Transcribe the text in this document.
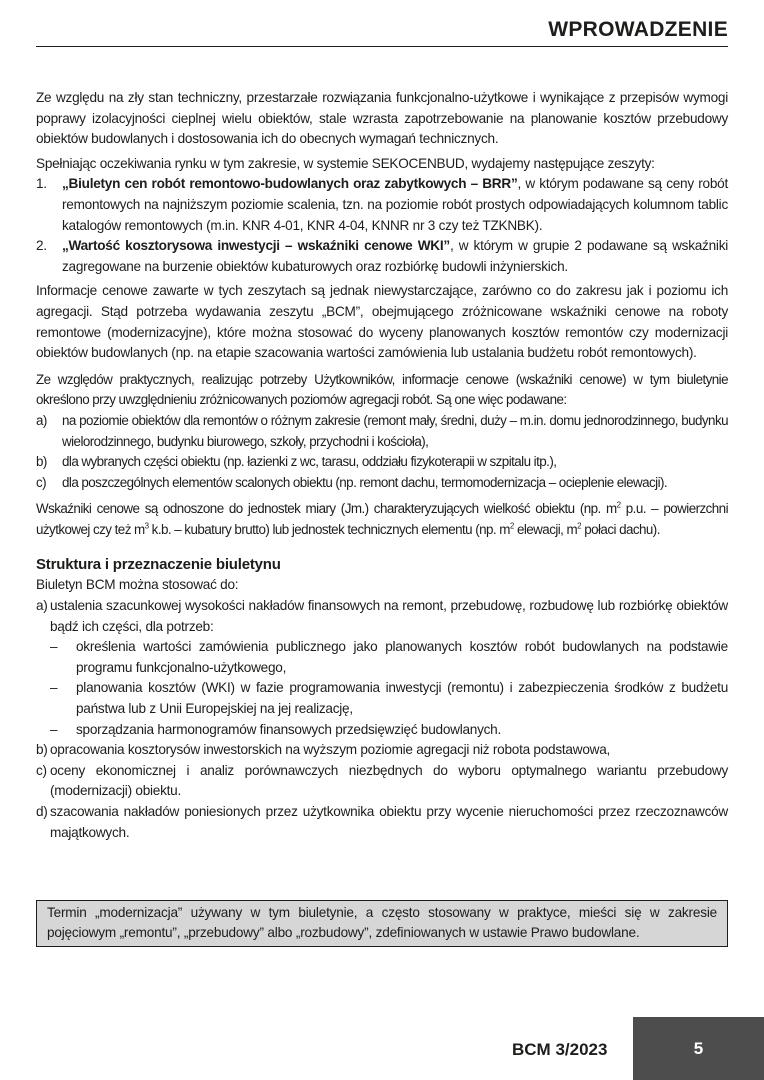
WPROWADZENIE

Ze względu na zły stan techniczny, przestarzałe rozwiązania funkcjonalno-użytkowe i wynikające z przepisów wymogi poprawy izolacyjności cieplnej wielu obiektów, stale wzrasta zapotrzebowanie na planowanie kosztów przebudowy obiektów budowlanych i dostosowania ich do obecnych wymagań technicznych.

Spełniając oczekiwania rynku w tym zakresie, w systemie SEKOCENBUD, wydajemy następujące zeszyty:

1. „Biuletyn cen robót remontowo-budowlanych oraz zabytkowych – BRR”, w którym podawane są ceny robót remontowych na najniższym poziomie scalenia, tzn. na poziomie robót prostych odpowiadających kolumnom tablic katalogów remontowych (m.in. KNR 4-01, KNR 4-04, KNNR nr 3 czy też TZKNBK).
2. „Wartość kosztorysowa inwestycji – wskaźniki cenowe WKI”, w którym w grupie 2 podawane są wskaźniki zagregowane na burzenie obiektów kubaturowych oraz rozbiórkę budowli inżynierskich.

Informacje cenowe zawarte w tych zeszytach są jednak niewystarczające, zarówno co do zakresu jak i poziomu ich agregacji. Stąd potrzeba wydawania zeszytu „BCM”, obejmującego zróżnicowane wskaźniki cenowe na roboty remontowe (modernizacyjne), które można stosować do wyceny planowanych kosztów remontów czy modernizacji obiektów budowlanych (np. na etapie szacowania wartości zamówienia lub ustalania budżetu robót remontowych).

Ze względów praktycznych, realizując potrzeby Użytkowników, informacje cenowe (wskaźniki cenowe) w tym biuletynie określono przy uwzględnieniu zróżnicowanych poziomów agregacji robót. Są one więc podawane:

a) na poziomie obiektów dla remontów o różnym zakresie (remont mały, średni, duży – m.in. domu jednorodzinnego, budynku wielorodzinnego, budynku biurowego, szkoły, przychodni i kościoła),
b) dla wybranych części obiektu (np. łazienki z wc, tarasu, oddziału fizykoterapii w szpitalu itp.),
c) dla poszczególnych elementów scalonych obiektu (np. remont dachu, termomodernizacja – ocieplenie elewacji).

Wskaźniki cenowe są odnoszone do jednostek miary (Jm.) charakteryzujących wielkość obiektu (np. $m^2$ p.u. – powierzchni użytkowej czy też $m^3$ k.b. – kubatury brutto) lub jednostek technicznych elementu (np. $m^2$ elewacji, $m^2$ połaci dachu).

Struktura i przeznaczenie biuletynu

Biuletyn BCM można stosować do:

a) ustalenia szacunkowej wysokości nakładów finansowych na remont, przebudowę, rozbudowę lub rozbiórkę obiektów bądź ich części, dla potrzeb:
– określenia wartości zamówienia publicznego jako planowanych kosztów robót budowlanych na podstawie programu funkcjonalno-użytkowego,
– planowania kosztów (WKI) w fazie programowania inwestycji (remontu) i zabezpieczenia środków z budżetu państwa lub z Unii Europejskiej na jej realizację,
– sporządzania harmonogramów finansowych przedsięwzięć budowlanych.
b) opracowania kosztorysów inwestorskich na wyższym poziomie agregacji niż robota podstawowa,
c) oceny ekonomicznej i analiz porównawczych niezbędnych do wyboru optymalnego wariantu przebudowy (modernizacji) obiektu.
d) szacowania nakładów poniesionych przez użytkownika obiektu przy wycenie nieruchomości przez rzeczoznawców majątkowych.
Termin „modernizacja” używany w tym biuletynie, a często stosowany w praktyce, mieści się w zakresie pojęciowym „remontu”, „przebudowy” albo „rozbudowy”, zdefiniowanych w ustawie Prawo budowlane.
BCM 3/2023	5
